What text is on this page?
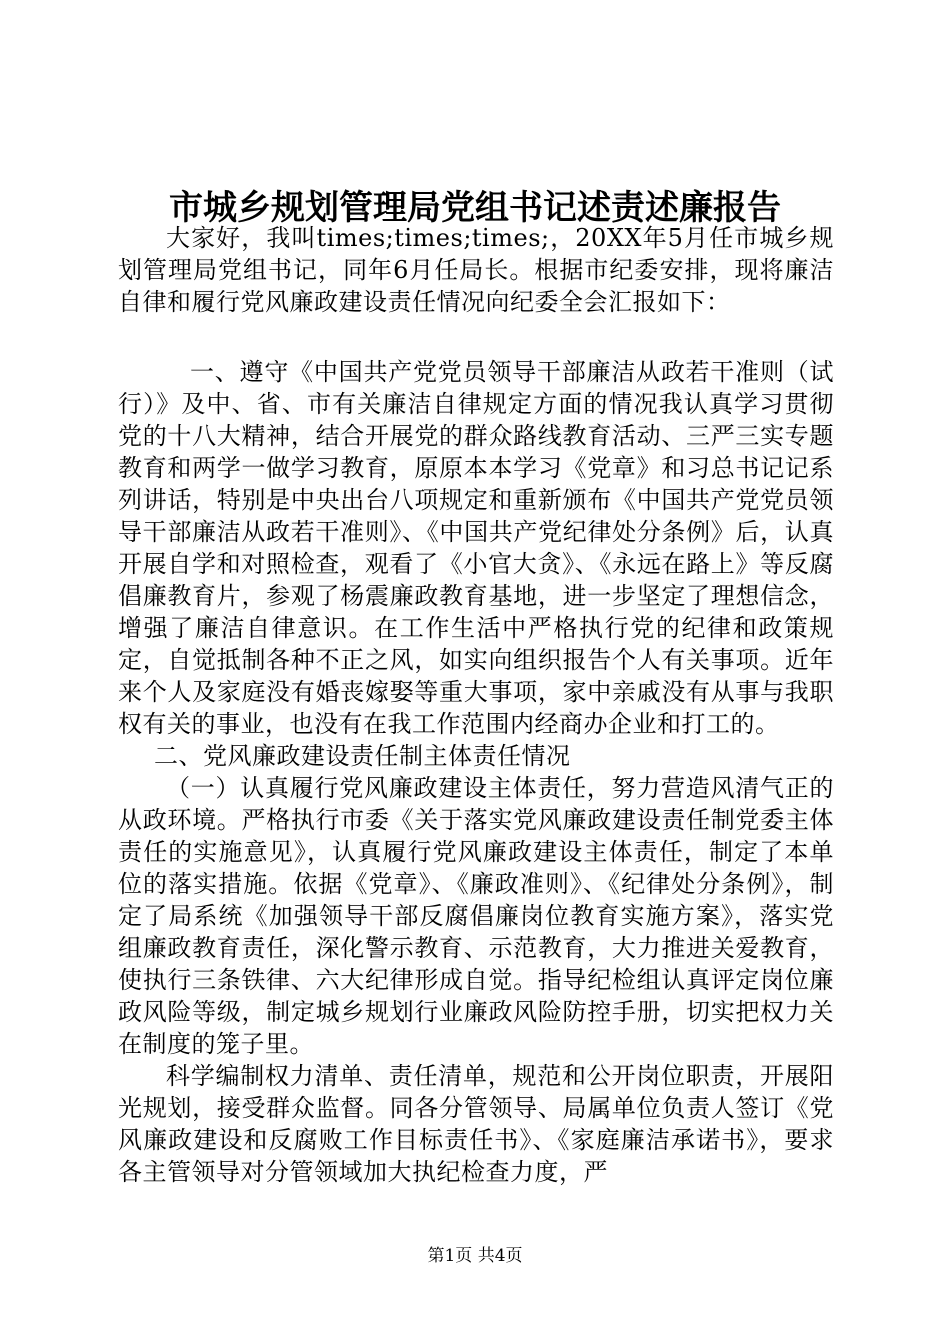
市城乡规划管理局党组书记述责述廉报告

大家好，我叫times;times;times;，20XX年5月任市城乡规划管理局党组书记，同年6月任局长。根据市纪委安排，现将廉洁自律和履行党风廉政建设责任情况向纪委全会汇报如下：

一、遵守《中国共产党党员领导干部廉洁从政若干准则（试行）》及中、省、市有关廉洁自律规定方面的情况我认真学习贯彻党的十八大精神，结合开展党的群众路线教育活动、三严三实专题教育和两学一做学习教育，原原本本学习《党章》和习总书记记系列讲话，特别是中央出台八项规定和重新颁布《中国共产党党员领导干部廉洁从政若干准则》、《中国共产党纪律处分条例》后，认真开展自学和对照检查，观看了《小官大贪》、《永远在路上》等反腐倡廉教育片，参观了杨震廉政教育基地，进一步坚定了理想信念，增强了廉洁自律意识。在工作生活中严格执行党的纪律和政策规定，自觉抵制各种不正之风，如实向组织报告个人有关事项。近年来个人及家庭没有婚丧嫁娶等重大事项，家中亲戚没有从事与我职权有关的事业，也没有在我工作范围内经商办企业和打工的。

二、党风廉政建设责任制主体责任情况

（一）认真履行党风廉政建设主体责任，努力营造风清气正的从政环境。严格执行市委《关于落实党风廉政建设责任制党委主体责任的实施意见》，认真履行党风廉政建设主体责任，制定了本单位的落实措施。依据《党章》、《廉政准则》、《纪律处分条例》，制定了局系统《加强领导干部反腐倡廉岗位教育实施方案》，落实党组廉政教育责任，深化警示教育、示范教育，大力推进关爱教育，使执行三条铁律、六大纪律形成自觉。指导纪检组认真评定岗位廉政风险等级，制定城乡规划行业廉政风险防控手册，切实把权力关在制度的笼子里。

科学编制权力清单、责任清单，规范和公开岗位职责，开展阳光规划，接受群众监督。同各分管领导、局属单位负责人签订《党风廉政建设和反腐败工作目标责任书》、《家庭廉洁承诺书》，要求各主管领导对分管领域加大执纪检查力度，严

第1页 共4页
